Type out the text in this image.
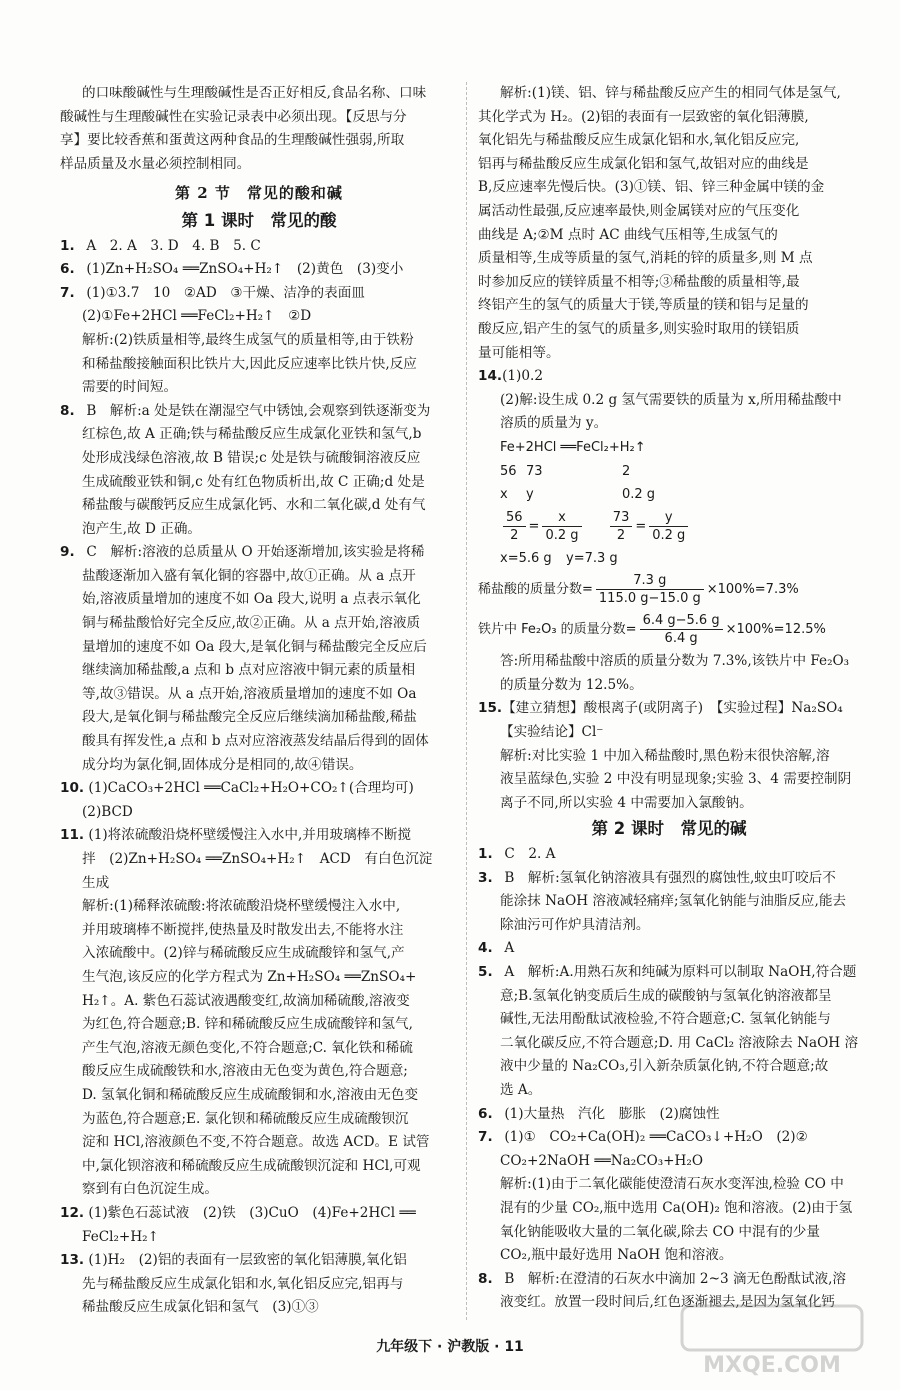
的口味酸碱性与生理酸碱性是否正好相反,食品名称、口味

酸碱性与生理酸碱性在实验记录表中必须出现。【反思与分

享】要比较香蕉和蛋黄这两种食品的生理酸碱性强弱,所取

样品质量及水量必须控制相同。

第 2 节　常见的酸和碱
第 1 课时　常见的酸

1. A　2. A　3. D　4. B　5. C

6. (1)Zn+H₂SO₄ ══ZnSO₄+H₂↑　(2)黄色　(3)变小

7. (1)①3.7　10　②AD　③干燥、洁净的表面皿

(2)①Fe+2HCl ══FeCl₂+H₂↑　②D

解析:(2)铁质量相等,最终生成氢气的质量相等,由于铁粉

和稀盐酸接触面积比铁片大,因此反应速率比铁片快,反应

需要的时间短。

8. B　解析:a 处是铁在潮湿空气中锈蚀,会观察到铁逐渐变为

红棕色,故 A 正确;铁与稀盐酸反应生成氯化亚铁和氢气,b

处形成浅绿色溶液,故 B 错误;c 处是铁与硫酸铜溶液反应

生成硫酸亚铁和铜,c 处有红色物质析出,故 C 正确;d 处是

稀盐酸与碳酸钙反应生成氯化钙、水和二氧化碳,d 处有气

泡产生,故 D 正确。

9. C　解析:溶液的总质量从 O 开始逐渐增加,该实验是将稀

盐酸逐渐加入盛有氧化铜的容器中,故①正确。从 a 点开

始,溶液质量增加的速度不如 Oa 段大,说明 a 点表示氧化

铜与稀盐酸恰好完全反应,故②正确。从 a 点开始,溶液质

量增加的速度不如 Oa 段大,是氧化铜与稀盐酸完全反应后

继续滴加稀盐酸,a 点和 b 点对应溶液中铜元素的质量相

等,故③错误。从 a 点开始,溶液质量增加的速度不如 Oa

段大,是氧化铜与稀盐酸完全反应后继续滴加稀盐酸,稀盐

酸具有挥发性,a 点和 b 点对应溶液蒸发结晶后得到的固体

成分均为氯化铜,固体成分是相同的,故④错误。

10. (1)CaCO₃+2HCl ══CaCl₂+H₂O+CO₂↑(合理均可)

(2)BCD

11. (1)将浓硫酸沿烧杯壁缓慢注入水中,并用玻璃棒不断搅

拌　(2)Zn+H₂SO₄ ══ZnSO₄+H₂↑　ACD　有白色沉淀

生成

解析:(1)稀释浓硫酸:将浓硫酸沿烧杯壁缓慢注入水中,

并用玻璃棒不断搅拌,使热量及时散发出去,不能将水注

入浓硫酸中。(2)锌与稀硫酸反应生成硫酸锌和氢气,产

生气泡,该反应的化学方程式为 Zn+H₂SO₄ ══ZnSO₄+

H₂↑。A. 紫色石蕊试液遇酸变红,故滴加稀硫酸,溶液变

为红色,符合题意;B. 锌和稀硫酸反应生成硫酸锌和氢气,

产生气泡,溶液无颜色变化,不符合题意;C. 氧化铁和稀硫

酸反应生成硫酸铁和水,溶液由无色变为黄色,符合题意;

D. 氢氧化铜和稀硫酸反应生成硫酸铜和水,溶液由无色变

为蓝色,符合题意;E. 氯化钡和稀硫酸反应生成硫酸钡沉

淀和 HCl,溶液颜色不变,不符合题意。故选 ACD。E 试管

中,氯化钡溶液和稀硫酸反应生成硫酸钡沉淀和 HCl,可观

察到有白色沉淀生成。

12. (1)紫色石蕊试液　(2)铁　(3)CuO　(4)Fe+2HCl ══

FeCl₂+H₂↑

13. (1)H₂　(2)铝的表面有一层致密的氧化铝薄膜,氧化铝

先与稀盐酸反应生成氯化铝和水,氧化铝反应完,铝再与

稀盐酸反应生成氯化铝和氢气　(3)①③

解析:(1)镁、铝、锌与稀盐酸反应产生的相同气体是氢气,

其化学式为 H₂。(2)铝的表面有一层致密的氧化铝薄膜,

氧化铝先与稀盐酸反应生成氯化铝和水,氧化铝反应完,

铝再与稀盐酸反应生成氯化铝和氢气,故铝对应的曲线是

B,反应速率先慢后快。(3)①镁、铝、锌三种金属中镁的金

属活动性最强,反应速率最快,则金属镁对应的气压变化

曲线是 A;②M 点时 AC 曲线气压相等,生成氢气的

质量相等,生成等质量的氢气,消耗的锌的质量多,则 M 点

时参加反应的镁锌质量不相等;③稀盐酸的质量相等,最

终铝产生的氢气的质量大于镁,等质量的镁和铝与足量的

酸反应,铝产生的氢气的质量多,则实验时取用的镁铝质

量可能相等。

14.(1)0.2

(2)解:设生成 0.2 g 氢气需要铁的质量为 x,所用稀盐酸中

溶质的质量为 y。

Fe+2HCl ══FeCl₂+H₂↑

56 73	2

x y	0.2 g

$\frac{56}{2} = \frac{x}{0.2 g}$
$\frac{73}{2} = \frac{y}{0.2 g}$

x=5.6 g y=7.3 g

稀盐酸的质量分数= $\frac{7.3 g}{115.0 g-15.0 g} \times 100\%=7.3\%$
铁片中 Fe₂O₃ 的质量分数= $\frac{6.4 g-5.6 g}{6.4 g} \times 100\%=12.5\%$

答:所用稀盐酸中溶质的质量分数为 7.3%,该铁片中 Fe₂O₃

的质量分数为 12.5%。

15.【建立猜想】酸根离子(或阴离子)　【实验过程】Na₂SO₄

【实验结论】Cl⁻

解析:对比实验 1 中加入稀盐酸时,黑色粉末很快溶解,溶

液呈蓝绿色,实验 2 中没有明显现象;实验 3、4 需要控制阴

离子不同,所以实验 4 中需要加入氯酸钠。

第 2 课时　常见的碱

1. C　2. A

3. B　解析:氢氧化钠溶液具有强烈的腐蚀性,蚊虫叮咬后不

能涂抹 NaOH 溶液减轻痛痒;氢氧化钠能与油脂反应,能去

除油污可作炉具清洁剂。

4. A

5. A　解析:A.用熟石灰和纯碱为原料可以制取 NaOH,符合题

意;B.氢氧化钠变质后生成的碳酸钠与氢氧化钠溶液都呈

碱性,无法用酚酞试液检验,不符合题意;C. 氢氧化钠能与

二氧化碳反应,不符合题意;D. 用 CaCl₂ 溶液除去 NaOH 溶

液中少量的 Na₂CO₃,引入新杂质氯化钠,不符合题意;故

选 A。

6. (1)大量热　汽化　膨胀　(2)腐蚀性

7. (1)①　CO₂+Ca(OH)₂ ══CaCO₃↓+H₂O　(2)②

CO₂+2NaOH ══Na₂CO₃+H₂O

解析:(1)由于二氧化碳能使澄清石灰水变浑浊,检验 CO 中

混有的少量 CO₂,瓶中选用 Ca(OH)₂ 饱和溶液。(2)由于氢

氧化钠能吸收大量的二氧化碳,除去 CO 中混有的少量

CO₂,瓶中最好选用 NaOH 饱和溶液。

8. B　解析:在澄清的石灰水中滴加 2~3 滴无色酚酞试液,溶

液变红。放置一段时间后,红色逐渐褪去,是因为氢氧化钙

九年级下 · 沪教版 · 11
MXQE.COM
